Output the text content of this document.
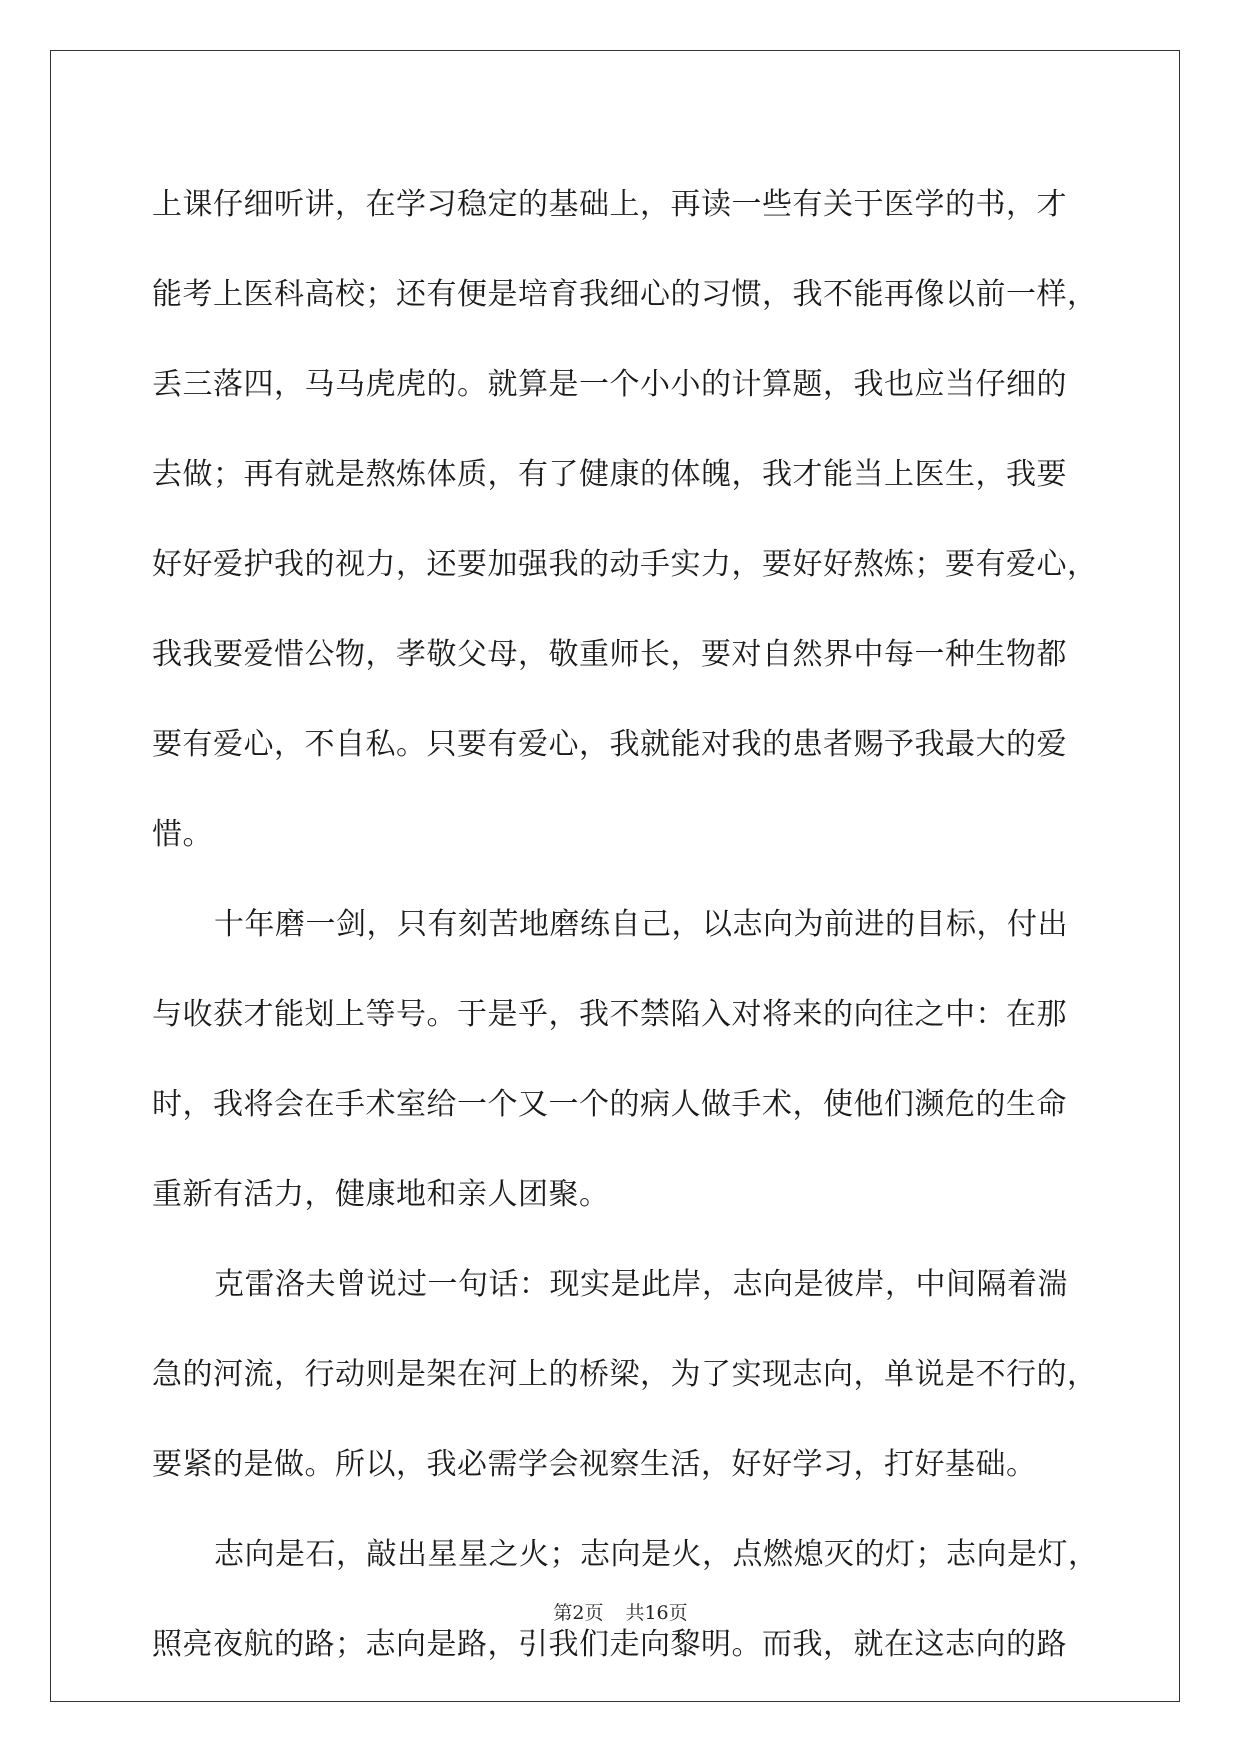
上课仔细听讲，在学习稳定的基础上，再读一些有关于医学的书，才
能考上医科高校；还有便是培育我细心的习惯，我不能再像以前一样，
丢三落四，马马虎虎的。就算是一个小小的计算题，我也应当仔细的
去做；再有就是熬炼体质，有了健康的体魄，我才能当上医生，我要
好好爱护我的视力，还要加强我的动手实力，要好好熬炼；要有爱心，
我我要爱惜公物，孝敬父母，敬重师长，要对自然界中每一种生物都
要有爱心，不自私。只要有爱心，我就能对我的患者赐予我最大的爱
惜。
十年磨一剑，只有刻苦地磨练自己，以志向为前进的目标，付出
与收获才能划上等号。于是乎，我不禁陷入对将来的向往之中：在那
时，我将会在手术室给一个又一个的病人做手术，使他们濒危的生命
重新有活力，健康地和亲人团聚。
克雷洛夫曾说过一句话：现实是此岸，志向是彼岸，中间隔着湍
急的河流，行动则是架在河上的桥梁，为了实现志向，单说是不行的，
要紧的是做。所以，我必需学会视察生活，好好学习，打好基础。
志向是石，敲出星星之火；志向是火，点燃熄灭的灯；志向是灯，
照亮夜航的路；志向是路，引我们走向黎明。而我，就在这志向的路
第2页 共16页
